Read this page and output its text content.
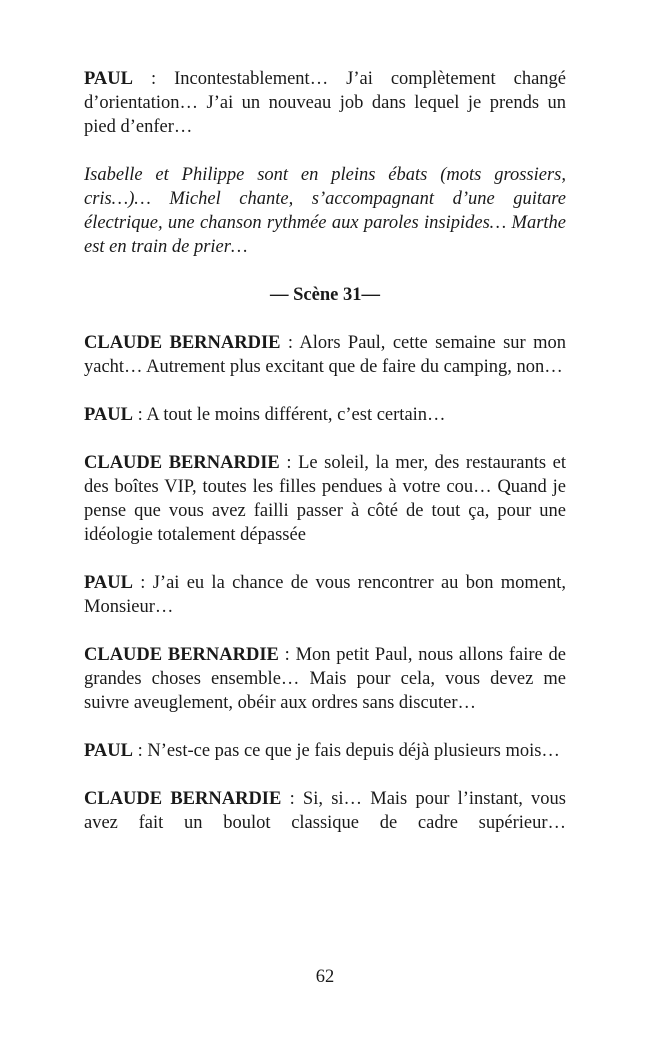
PAUL : Incontestablement… J’ai complètement changé d’orientation… J’ai un nouveau job dans lequel je prends un pied d’enfer…

Isabelle et Philippe sont en pleins ébats (mots grossiers, cris…)… Michel chante, s’accompagnant d’une guitare électrique, une chanson rythmée aux paroles insipides… Marthe est en train de prier…

— Scène 31—

CLAUDE BERNARDIE : Alors Paul, cette semaine sur mon yacht… Autrement plus excitant que de faire du camping, non…

PAUL : A tout le moins différent, c’est certain…

CLAUDE BERNARDIE : Le soleil, la mer, des restaurants et des boîtes VIP, toutes les filles pendues à votre cou… Quand je pense que vous avez failli passer à côté de tout ça, pour une idéologie totalement dépassée

PAUL : J’ai eu la chance de vous rencontrer au bon moment, Monsieur…

CLAUDE BERNARDIE : Mon petit Paul, nous allons faire de grandes choses ensemble… Mais pour cela, vous devez me suivre aveuglement, obéir aux ordres sans discuter…

PAUL : N’est-ce pas ce que je fais depuis déjà plusieurs mois…

CLAUDE BERNARDIE : Si, si… Mais pour l’instant, vous avez fait un boulot classique de cadre supérieur…

62
